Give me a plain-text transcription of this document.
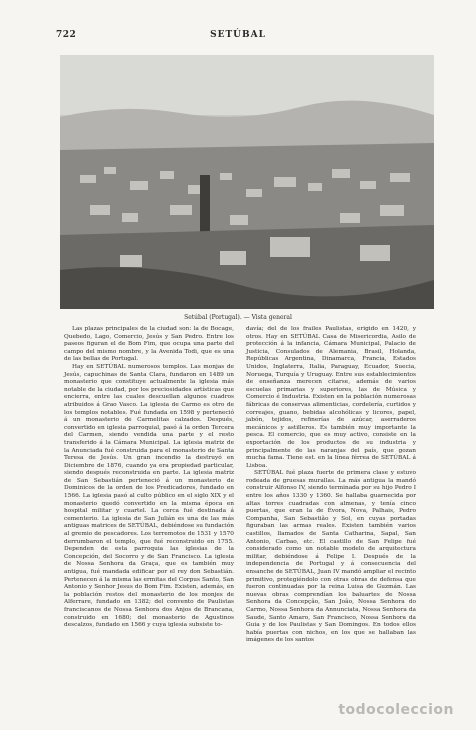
722	SETÚBAL
Setúbal (Portugal). — Vista general

Las plazas principales de la ciudad son: la de Bocage, Quebedo, Lago, Comercio, Jesús y San Pedro. Entre los paseos figuran el de Bom Fim, que ocupa una parte del campo del mismo nombre, y la Avenida Todi, que es una de las bellas de Portugal.

Hay en SETÚBAL numerosos templos. Las monjas de Jesús, capuchinas de Santa Clara, fundaron en 1489 un monasterio que constituye actualmente la iglesia más notable de la ciudad, por los preciosidades artísticas que encierra, entre las cuales descuellan algunos cuadros atribuidos á Grao Vasco. La iglesia de Carmo es otro de los templos notables. Fué fundada en 1598 y perteneció á un monasterio de Carmelitas calzados. Después, convertido en iglesia parroquial, pasó á la orden Tercera del Carmen, siendo vendida una parte y el resto transferido á la Cámara Municipal. La iglesia matriz de la Anunciada fué construida para el monasterio de Santa Teresa de Jesús. Un gran incendio la destruyó en Diciembre de 1876, cuando ya era propiedad particular, siendo después reconstruida en parte. La iglesia matriz de San Sebastián perteneció á un monasterio de Dominicos de la orden de los Predicadores, fundado en 1566. La iglesia pasó al culto público en el siglo XIX y el monasterio quedó convertido en la misma época en hospital militar y cuartel. La cerca fué destinada á cementerio. La iglesia de San Julián es una de las más antiguas matrices de SETÚBAL, debiéndose su fundación al gremio de pescadores. Los terremotos de 1531 y 1570 derrumbaron el templo, que fué reconstruido en 1755. Dependen de esta parroquia las iglesias de la Concepción, del Socorro y de San Francisco. La iglesia de Nossa Senhora da Graça, que es también muy antigua, fué mandada edificar por el rey don Sebastián. Pertenecen á la misma las ermitas del Corpus Santo, San Antonio y Senhor Jesus do Bom Fim. Existen, además, en la población restos del monasterio de los monjes de Alferrare, fundado en 1382; del convento de Paulistas franciscanos de Nossa Senhora dos Anjos de Brancana, construido en 1680; del monasterio de Agustinos descalzos, fundado en 1566 y cuya iglesia subsiste to-

davía; del de los frailes Paulistas, erigido en 1420, y otros. Hay en SETÚBAL Casa de Misericordia, Asilo de protección á la infancia, Cámara Municipal, Palacio de Justicia, Consulados de Alemania, Brasil, Holanda, Repúblicas Argentina, Dinamarca, Francia, Estados Unidos, Inglaterra, Italia, Paraguay, Ecuador, Suecia, Noruega, Turquía y Uruguay. Entre sus establecimientos de enseñanza merecen citarse, además de varios escuelas primarias y superiores, las de Música y Comercio é Industria. Existen en la población numerosas fábricas de conservas alimenticias, cordelería, curtidos y correajes, guano, bebidas alcohólicas y licores, papel, jabón, tejidos, refinerías de azúcar, aserraderos mecánicos y astilleros. Es también muy importante la pesca. El comercio, que es muy activo, consiste en la exportación de los productos de su industria y principalmente de las naranjas del país, que gozan mucha fama. Tiene est. en la línea férrea de SETÚBAL á Lisboa.

SETÚBAL fué plaza fuerte de primera clase y estuvo rodeada de gruesas murallas. La más antigua la mandó construir Alfonso IV, siendo terminada por su hijo Pedro I entre los años 1330 y 1360. Se hallaba guarnecida por altas torres cuadradas con almenas, y tenía cinco puertas, que eran la de Évora, Nova, Palhais, Pedro Companha, San Sebastião y Sol, en cuyas portadas figuraban las armas reales. Existen también varios castillos, llamados de Santa Catharina, Sapal, San Antonio, Carbao, etc. El castillo de San Felipe fué considerado como un notable modelo de arquitectura militar, debiéndose á Felipe I. Después de la independencia de Portugal y á consecuencia del ensanche de SETÚBAL, Juan IV mandó ampliar el recinto primitivo, protegiéndolo con otras obras de defensa que fueron continuadas por la reina Luisa de Guzmán. Las nuevas obras comprendían los baluartes de Nossa Senhora da Concepção, San João, Nossa Senhora do Carmo, Nossa Senhora da Annunciata, Nossa Senhora da Saude, Santo Amaro, San Francisco, Nossa Senhora da Guia y de los Paulistas y San Domingos. En todos ellos había puertas con nichos, en los que se hallaban las imágenes de los santos

todocoleccion
